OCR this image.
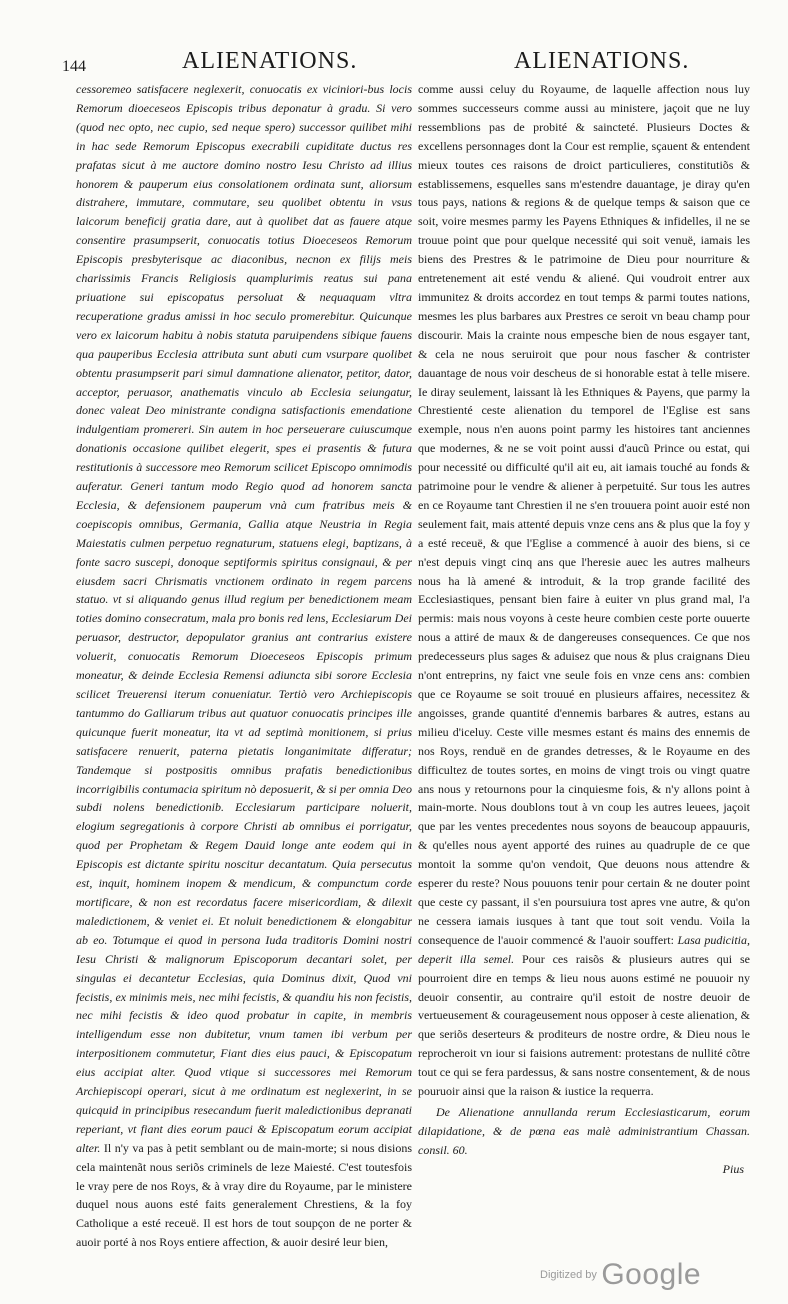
144	ALIENATIONS.	ALIENATIONS.

cessoremeo satisfacere neglexerit, conuocatis ex viciniori-bus locis Remorum dioeceseos Episcopis tribus deponatur à gradu. Si vero (quod nec opto, nec cupio, sed neque spero) successor quilibet mihi in hac sede Remorum Episcopus execrabili cupiditate ductus res prafatas sicut à me auctore domino nostro Iesu Christo ad illius honorem & pauperum eius consolationem ordinata sunt, aliorsum distrahere, immutare, commutare, seu quolibet obtentu in vsus laicorum beneficij gratia dare, aut à quolibet dat as fauere atque consentire prasumpserit, conuocatis totius Dioeceseos Remorum Episcopis presbyterisque ac diaconibus, necnon ex filijs meis charissimis Francis Religiosis quamplurimis reatus sui pana priuatione sui episcopatus persoluat & nequaquam vltra recuperatione gradus amissi in hoc seculo promerebitur. Quicunque vero ex laicorum habitu à nobis statuta paruipendens sibique fauens qua pauperibus Ecclesia attributa sunt abuti cum vsurpare quolibet obtentu prasumpserit pari simul damnatione alienator, petitor, dator, acceptor, peruasor, anathematis vinculo ab Ecclesia seiungatur, donec valeat Deo ministrante condigna satisfactionis emendatione indulgentiam promereri. Sin autem in hoc perseuerare cuiuscumque donationis occasione quilibet elegerit, spes ei prasentis & futura restitutionis à successore meo Remorum scilicet Episcopo omnimodis auferatur. Generi tantum modo Regio quod ad honorem sancta Ecclesia, & defensionem pauperum vnà cum fratribus meis & coepiscopis omnibus, Germania, Gallia atque Neustria in Regia Maiestatis culmen perpetuo regnaturum, statuens elegi, baptizans, à fonte sacro suscepi, donoque septiformis spiritus consignaui, & per eiusdem sacri Chrismatis vnctionem ordinato in regem parcens statuo. vt si aliquando genus illud regium per benedictionem meam toties domino consecratum, mala pro bonis red lens, Ecclesiarum Dei peruasor, destructor, depopulator granius ant contrarius existere voluerit, conuocatis Remorum Dioeceseos Episcopis primum moneatur, & deinde Ecclesia Remensi adiuncta sibi sorore Ecclesia scilicet Treuerensi iterum conueniatur. Tertiò vero Archiepiscopis tantummo do Galliarum tribus aut quatuor conuocatis principes ille quicunque fuerit moneatur, ita vt ad septimà monitionem, si prius satisfacere renuerit, paterna pietatis longanimitate differatur; Tandemque si postpositis omnibus prafatis benedictionibus incorrigibilis contumacia spiritum nò deposuerit, & si per omnia Deo subdi nolens benedictionib. Ecclesiarum participare noluerit, elogium segregationis à corpore Christi ab omnibus ei porrigatur, quod per Prophetam & Regem Dauid longe ante eodem qui in Episcopis est dictante spiritu noscitur decantatum. Quia persecutus est, inquit, hominem inopem & mendicum, & compunctum corde mortificare, & non est recordatus facere misericordiam, & dilexit maledictionem, & veniet ei. Et noluit benedictionem & elongabitur ab eo. Totumque ei quod in persona Iuda traditoris Domini nostri Iesu Christi & malignorum Episcoporum decantari solet, per singulas ei decantetur Ecclesias, quia Dominus dixit, Quod vni fecistis, ex minimis meis, nec mihi fecistis, & quandiu his non fecistis, nec mihi fecistis & ideo quod probatur in capite, in membris intelligendum esse non dubitetur, vnum tamen ibi verbum per interpositionem commutetur, Fiant dies eius pauci, & Episcopatum eius accipiat alter. Quod vtique si successores mei Remorum Archiepiscopi operari, sicut à me ordinatum est neglexerint, in se quicquid in principibus resecandum fuerit maledictionibus depranati reperiant, vt fiant dies eorum pauci & Episcopatum eorum accipiat alter. Il n'y va pas à petit semblant ou de main-morte; si nous disions cela maintenãt nous seriõs criminels de leze Maiesté. C'est toutesfois le vray pere de nos Roys, & à vray dire du Royaume, par le ministere duquel nous auons esté faits generalement Chrestiens, & la foy Catholique a esté receuë. Il est hors de tout soupçon de ne porter & auoir porté à nos Roys entiere affection, & auoir desiré leur bien,

comme aussi celuy du Royaume, de laquelle affection nous luy sommes successeurs comme aussi au ministere, jaçoit que ne luy ressemblions pas de probité & saincteté. Plusieurs Doctes & excellens personnages dont la Cour est remplie, sçauent & entendent mieux toutes ces raisons de droict particulieres, constitutiõs & establissemens, esquelles sans m'estendre dauantage, je diray qu'en tous pays, nations & regions & de quelque temps & saison que ce soit, voire mesmes parmy les Payens Ethniques & infidelles, il ne se trouue point que pour quelque necessité qui soit venuë, iamais les biens des Prestres & le patrimoine de Dieu pour nourriture & entretenement ait esté vendu & aliené. Qui voudroit entrer aux immunitez & droits accordez en tout temps & parmi toutes nations, mesmes les plus barbares aux Prestres ce seroit vn beau champ pour discourir. Mais la crainte nous empesche bien de nous esgayer tant, & cela ne nous seruiroit que pour nous fascher & contrister dauantage de nous voir descheus de si honorable estat à telle misere. Ie diray seulement, laissant là les Ethniques & Payens, que parmy la Chrestienté ceste alienation du temporel de l'Eglise est sans exemple, nous n'en auons point parmy les histoires tant anciennes que modernes, & ne se voit point aussi d'aucũ Prince ou estat, qui pour necessité ou difficulté qu'il ait eu, ait iamais touché au fonds & patrimoine pour le vendre & aliener à perpetuité. Sur tous les autres en ce Royaume tant Chrestien il ne s'en trouuera point auoir esté non seulement fait, mais attenté depuis vnze cens ans & plus que la foy y a esté receuë, & que l'Eglise a commencé à auoir des biens, si ce n'est depuis vingt cinq ans que l'heresie auec les autres malheurs nous ha là amené & introduit, & la trop grande facilité des Ecclesiastiques, pensant bien faire à euiter vn plus grand mal, l'a permis: mais nous voyons à ceste heure combien ceste porte ouuerte nous a attiré de maux & de dangereuses consequences. Ce que nos predecesseurs plus sages & aduisez que nous & plus craignans Dieu n'ont entreprins, ny faict vne seule fois en vnze cens ans: combien que ce Royaume se soit trouué en plusieurs affaires, necessitez & angoisses, grande quantité d'ennemis barbares & autres, estans au milieu d'iceluy. Ceste ville mesmes estant és mains des ennemis de nos Roys, renduë en de grandes detresses, & le Royaume en des difficultez de toutes sortes, en moins de vingt trois ou vingt quatre ans nous y retournons pour la cinquiesme fois, & n'y allons point à main-morte. Nous doublons tout à vn coup les autres leuees, jaçoit que par les ventes precedentes nous soyons de beaucoup appauuris, & qu'elles nous ayent apporté des ruines au quadruple de ce que montoit la somme qu'on vendoit, Que deuons nous attendre & esperer du reste? Nous pouuons tenir pour certain & ne douter point que ceste cy passant, il s'en poursuiura tost apres vne autre, & qu'on ne cessera iamais iusques à tant que tout soit vendu. Voila la consequence de l'auoir commencé & l'auoir souffert: Lasa pudicitia, deperit illa semel. Pour ces raisõs & plusieurs autres qui se pourroient dire en temps & lieu nous auons estimé ne pouuoir ny deuoir consentir, au contraire qu'il estoit de nostre deuoir de vertueusement & courageusement nous opposer à ceste alienation, & que seriõs deserteurs & proditeurs de nostre ordre, & Dieu nous le reprocheroit vn iour si faisions autrement: protestans de nullité cõtre tout ce qui se fera pardessus, & sans nostre consentement, & de nous pouruoir ainsi que la raison & iustice la requerra.

De Alienatione annullanda rerum Ecclesiasticarum, eorum dilapidatione, & de pœna eas malè administrantium Chassan. consil. 60.

Pius
Digitized by Google
